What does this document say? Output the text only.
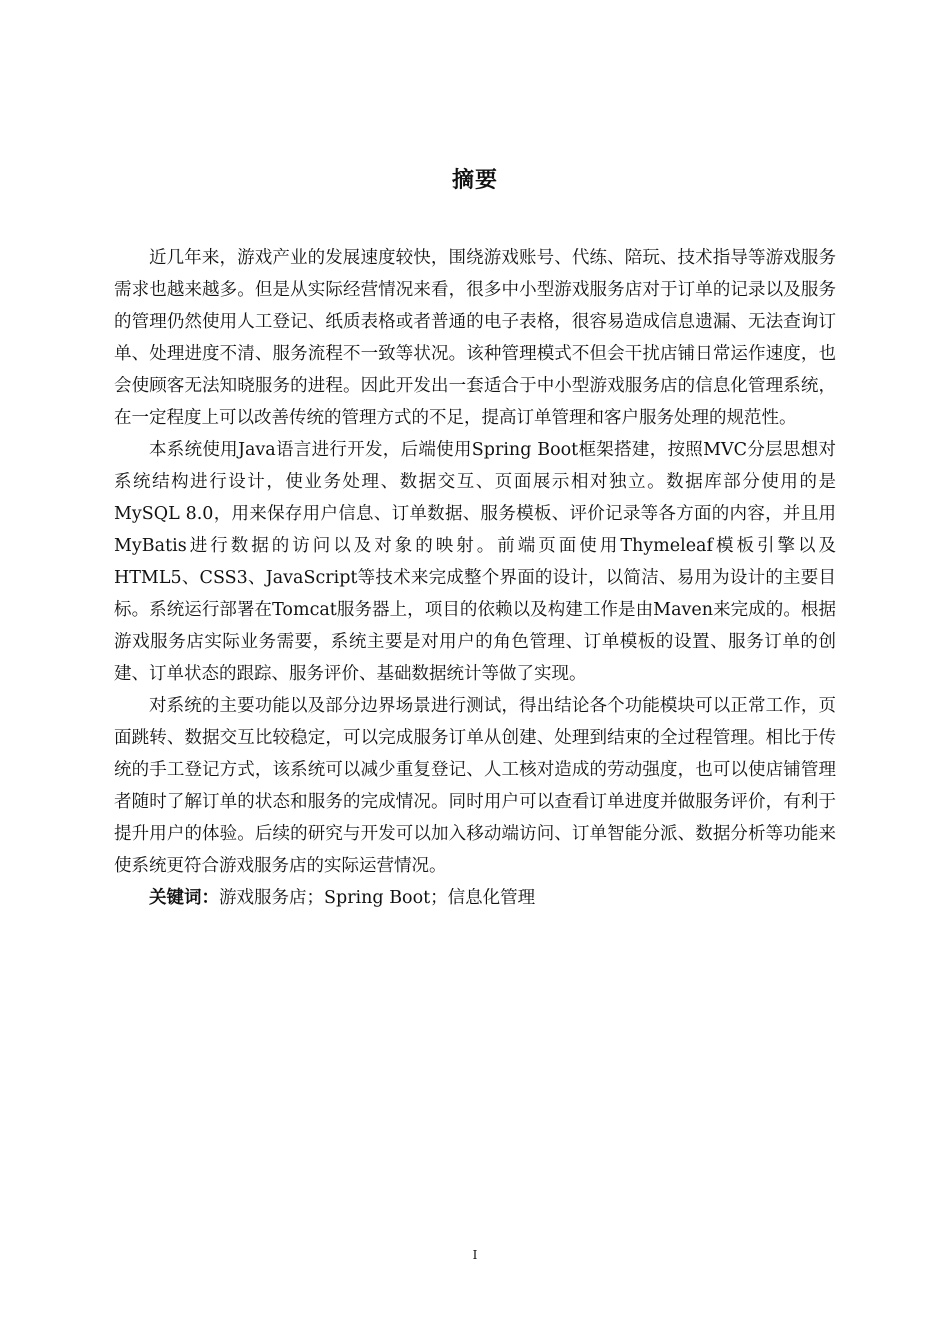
摘要

近几年来，游戏产业的发展速度较快，围绕游戏账号、代练、陪玩、技术指导等游戏服务需求也越来越多。但是从实际经营情况来看，很多中小型游戏服务店对于订单的记录以及服务的管理仍然使用人工登记、纸质表格或者普通的电子表格，很容易造成信息遗漏、无法查询订单、处理进度不清、服务流程不一致等状况。该种管理模式不但会干扰店铺日常运作速度，也会使顾客无法知晓服务的进程。因此开发出一套适合于中小型游戏服务店的信息化管理系统，在一定程度上可以改善传统的管理方式的不足，提高订单管理和客户服务处理的规范性。

本系统使用Java语言进行开发，后端使用Spring Boot框架搭建，按照MVC分层思想对系统结构进行设计，使业务处理、数据交互、页面展示相对独立。数据库部分使用的是MySQL 8.0，用来保存用户信息、订单数据、服务模板、评价记录等各方面的内容，并且用MyBatis进行数据的访问以及对象的映射。前端页面使用Thymeleaf模板引擎以及HTML5、CSS3、JavaScript等技术来完成整个界面的设计，以简洁、易用为设计的主要目标。系统运行部署在Tomcat服务器上，项目的依赖以及构建工作是由Maven来完成的。根据游戏服务店实际业务需要，系统主要是对用户的角色管理、订单模板的设置、服务订单的创建、订单状态的跟踪、服务评价、基础数据统计等做了实现。

对系统的主要功能以及部分边界场景进行测试，得出结论各个功能模块可以正常工作，页面跳转、数据交互比较稳定，可以完成服务订单从创建、处理到结束的全过程管理。相比于传统的手工登记方式，该系统可以减少重复登记、人工核对造成的劳动强度，也可以使店铺管理者随时了解订单的状态和服务的完成情况。同时用户可以查看订单进度并做服务评价，有利于提升用户的体验。后续的研究与开发可以加入移动端访问、订单智能分派、数据分析等功能来使系统更符合游戏服务店的实际运营情况。

关键词：游戏服务店；Spring Boot；信息化管理

I
